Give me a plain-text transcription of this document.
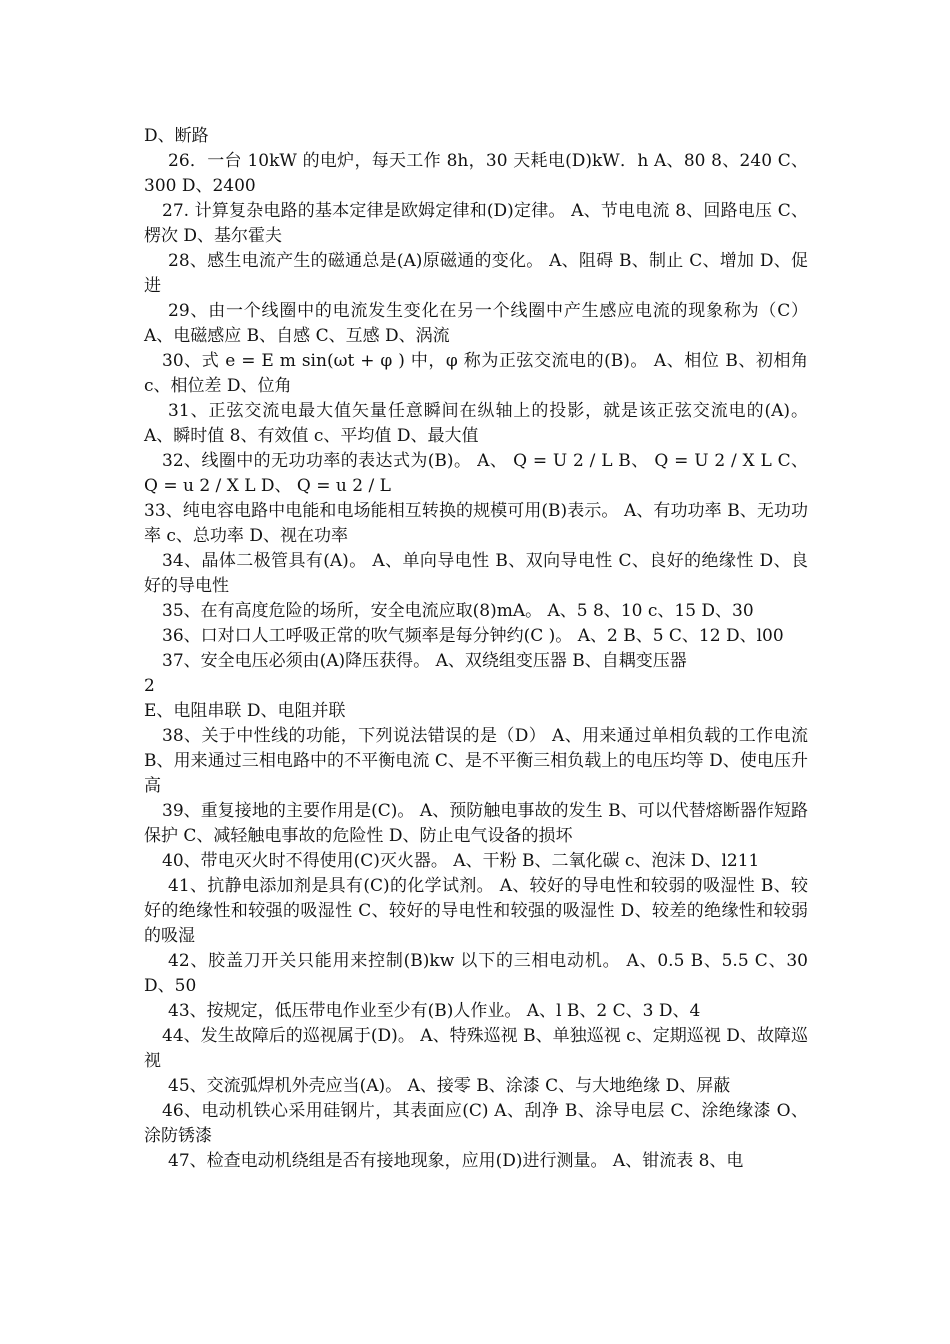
D、断路

26．一台 10kW 的电炉，每天工作 8h，30 天耗电(D)kW．h A、80 8、240 C、300 D、2400

27. 计算复杂电路的基本定律是欧姆定律和(D)定律。 A、节电电流 8、回路电压 C、楞次 D、基尔霍夫

28、感生电流产生的磁通总是(A)原磁通的变化。 A、阻碍 B、制止 C、增加 D、促进

29、由一个线圈中的电流发生变化在另一个线圈中产生感应电流的现象称为（C） A、电磁感应 B、自感 C、互感 D、涡流

30、式 e = E m sin(ωt + φ ) 中，φ 称为正弦交流电的(B)。 A、相位 B、初相角 c、相位差 D、位角

31、正弦交流电最大值矢量任意瞬间在纵轴上的投影，就是该正弦交流电的(A)。 A、瞬时值 8、有效值 c、平均值 D、最大值

32、线圈中的无功功率的表达式为(B)。 A、 Q = U 2 / L B、 Q = U 2 / X L C、 Q = u 2 / X L D、 Q = u 2 / L

33、纯电容电路中电能和电场能相互转换的规模可用(B)表示。 A、有功功率 B、无功功率 c、总功率 D、视在功率

34、晶体二极管具有(A)。 A、单向导电性 B、双向导电性 C、良好的绝缘性 D、良好的导电性

35、在有高度危险的场所，安全电流应取(8)mA。 A、5 8、10 c、15 D、30

36、口对口人工呼吸正常的吹气频率是每分钟约(C )。 A、2 B、5 C、12 D、l00

37、安全电压必须由(A)降压获得。 A、双绕组变压器 B、自耦变压器

2

E、电阻串联 D、电阻并联

38、关于中性线的功能，下列说法错误的是（D） A、用来通过单相负载的工作电流 B、用来通过三相电路中的不平衡电流 C、是不平衡三相负载上的电压均等 D、使电压升高

39、重复接地的主要作用是(C)。 A、预防触电事故的发生 B、可以代替熔断器作短路保护 C、减轻触电事故的危险性 D、防止电气设备的损坏

40、带电灭火时不得使用(C)灭火器。 A、干粉 B、二氧化碳 c、泡沫 D、l211

41、抗静电添加剂是具有(C)的化学试剂。 A、较好的导电性和较弱的吸湿性 B、较好的绝缘性和较强的吸湿性 C、较好的导电性和较强的吸湿性 D、较差的绝缘性和较弱的吸湿

42、胶盖刀开关只能用来控制(B)kw 以下的三相电动机。 A、0.5 B、5.5 C、30 D、50

43、按规定，低压带电作业至少有(B)人作业。 A、l B、2 C、3 D、4

44、发生故障后的巡视属于(D)。 A、特殊巡视 B、单独巡视 c、定期巡视 D、故障巡视

45、交流弧焊机外壳应当(A)。 A、接零 B、涂漆 C、与大地绝缘 D、屏蔽

46、电动机铁心采用硅钢片，其表面应(C) A、刮净 B、涂导电层 C、涂绝缘漆 O、涂防锈漆

47、检查电动机绕组是否有接地现象，应用(D)进行测量。 A、钳流表 8、电
